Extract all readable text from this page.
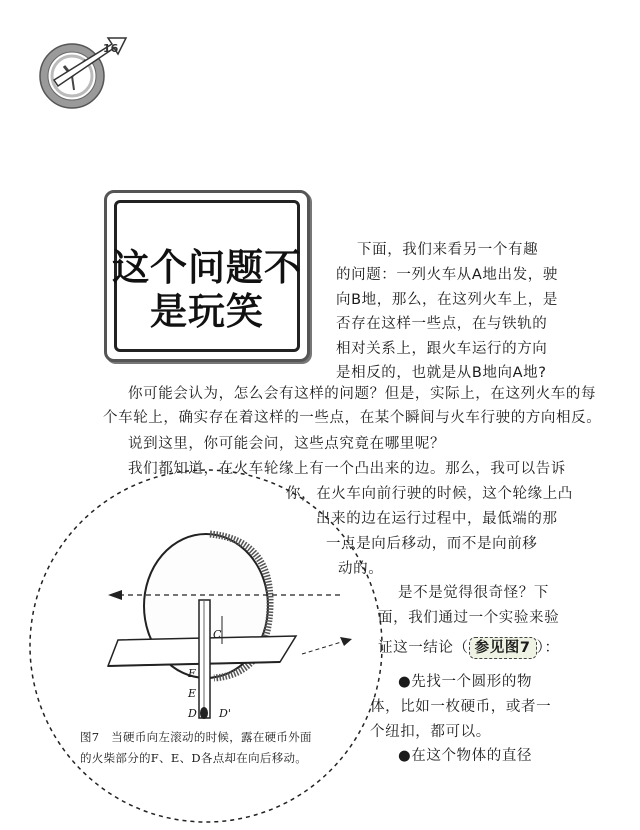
16
这个问题不
是玩笑
下面，我们来看另一个有趣
的问题：一列火车从A地出发，驶
向B地，那么，在这列火车上，是
否存在这样一些点，在与铁轨的
相对关系上，跟火车运行的方向
是相反的，也就是从B地向A地?
你可能会认为，怎么会有这样的问题？但是，实际上，在这列火车的每
个车轮上，确实存在着这样的一些点，在某个瞬间与火车行驶的方向相反。
说到这里，你可能会问，这些点究竟在哪里呢？
我们都知道，在火车轮缘上有一个凸出来的边。那么，我可以告诉
你，在火车向前行驶的时候，这个轮缘上凸
出来的边在运行过程中，最低端的那
一点是向后移动，而不是向前移
动的。
是不是觉得很奇怪？下
面，我们通过一个实验来验
证这一结论（ 参见图7 ）：
●先找一个圆形的物
体，比如一枚硬币，或者一
个纽扣，都可以。
●在这个物体的直径
C
F
E
D D'
图7　当硬币向左滚动的时候，露在硬币外面
的火柴部分的F、E、D各点却在向后移动。
